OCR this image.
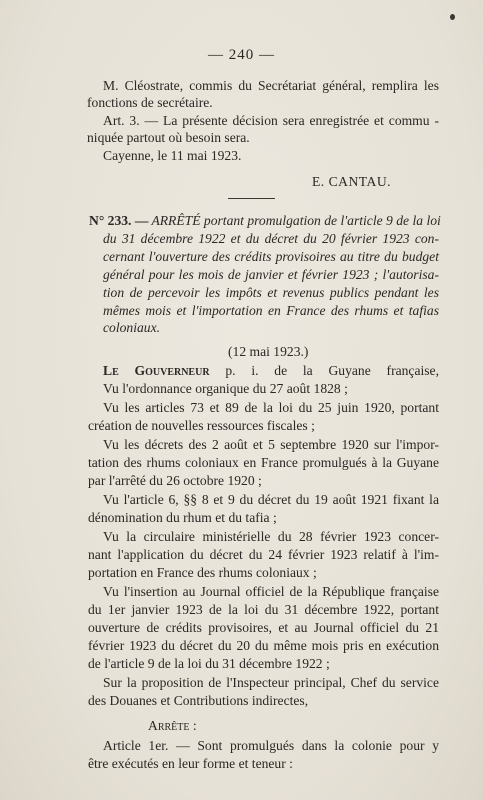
— 240 —
M. Cléostrate, commis du Secrétariat général, remplira les
fonctions de secrétaire.
Art. 3. — La présente décision sera enregistrée et commu -
niquée partout où besoin sera.
Cayenne, le 11 mai 1923.
E. CANTAU.
N° 233. — ARRÊTÉ portant promulgation de l'article 9 de la loi
du 31 décembre 1922 et du décret du 20 février 1923 con-
cernant l'ouverture des crédits provisoires au titre du budget
général pour les mois de janvier et février 1923 ; l'autorisa-
tion de percevoir les impôts et revenus publics pendant les
mêmes mois et l'importation en France des rhums et tafias
coloniaux.
(12 mai 1923.)
Le Gouverneur p. i. de la Guyane française,
Vu l'ordonnance organique du 27 août 1828 ;
Vu les articles 73 et 89 de la loi du 25 juin 1920, portant
création de nouvelles ressources fiscales ;
Vu les décrets des 2 août et 5 septembre 1920 sur l'impor-
tation des rhums coloniaux en France promulgués à la Guyane
par l'arrêté du 26 octobre 1920 ;
Vu l'article 6, §§ 8 et 9 du décret du 19 août 1921 fixant la
dénomination du rhum et du tafia ;
Vu la circulaire ministérielle du 28 février 1923 concer-
nant l'application du décret du 24 février 1923 relatif à l'im-
portation en France des rhums coloniaux ;
Vu l'insertion au Journal officiel de la République française
du 1er janvier 1923 de la loi du 31 décembre 1922, portant
ouverture de crédits provisoires, et au Journal officiel du 21
février 1923 du décret du 20 du même mois pris en exécution
de l'article 9 de la loi du 31 décembre 1922 ;
Sur la proposition de l'Inspecteur principal, Chef du service
des Douanes et Contributions indirectes,
Arrête :
Article 1er. — Sont promulgués dans la colonie pour y
être exécutés en leur forme et teneur :
